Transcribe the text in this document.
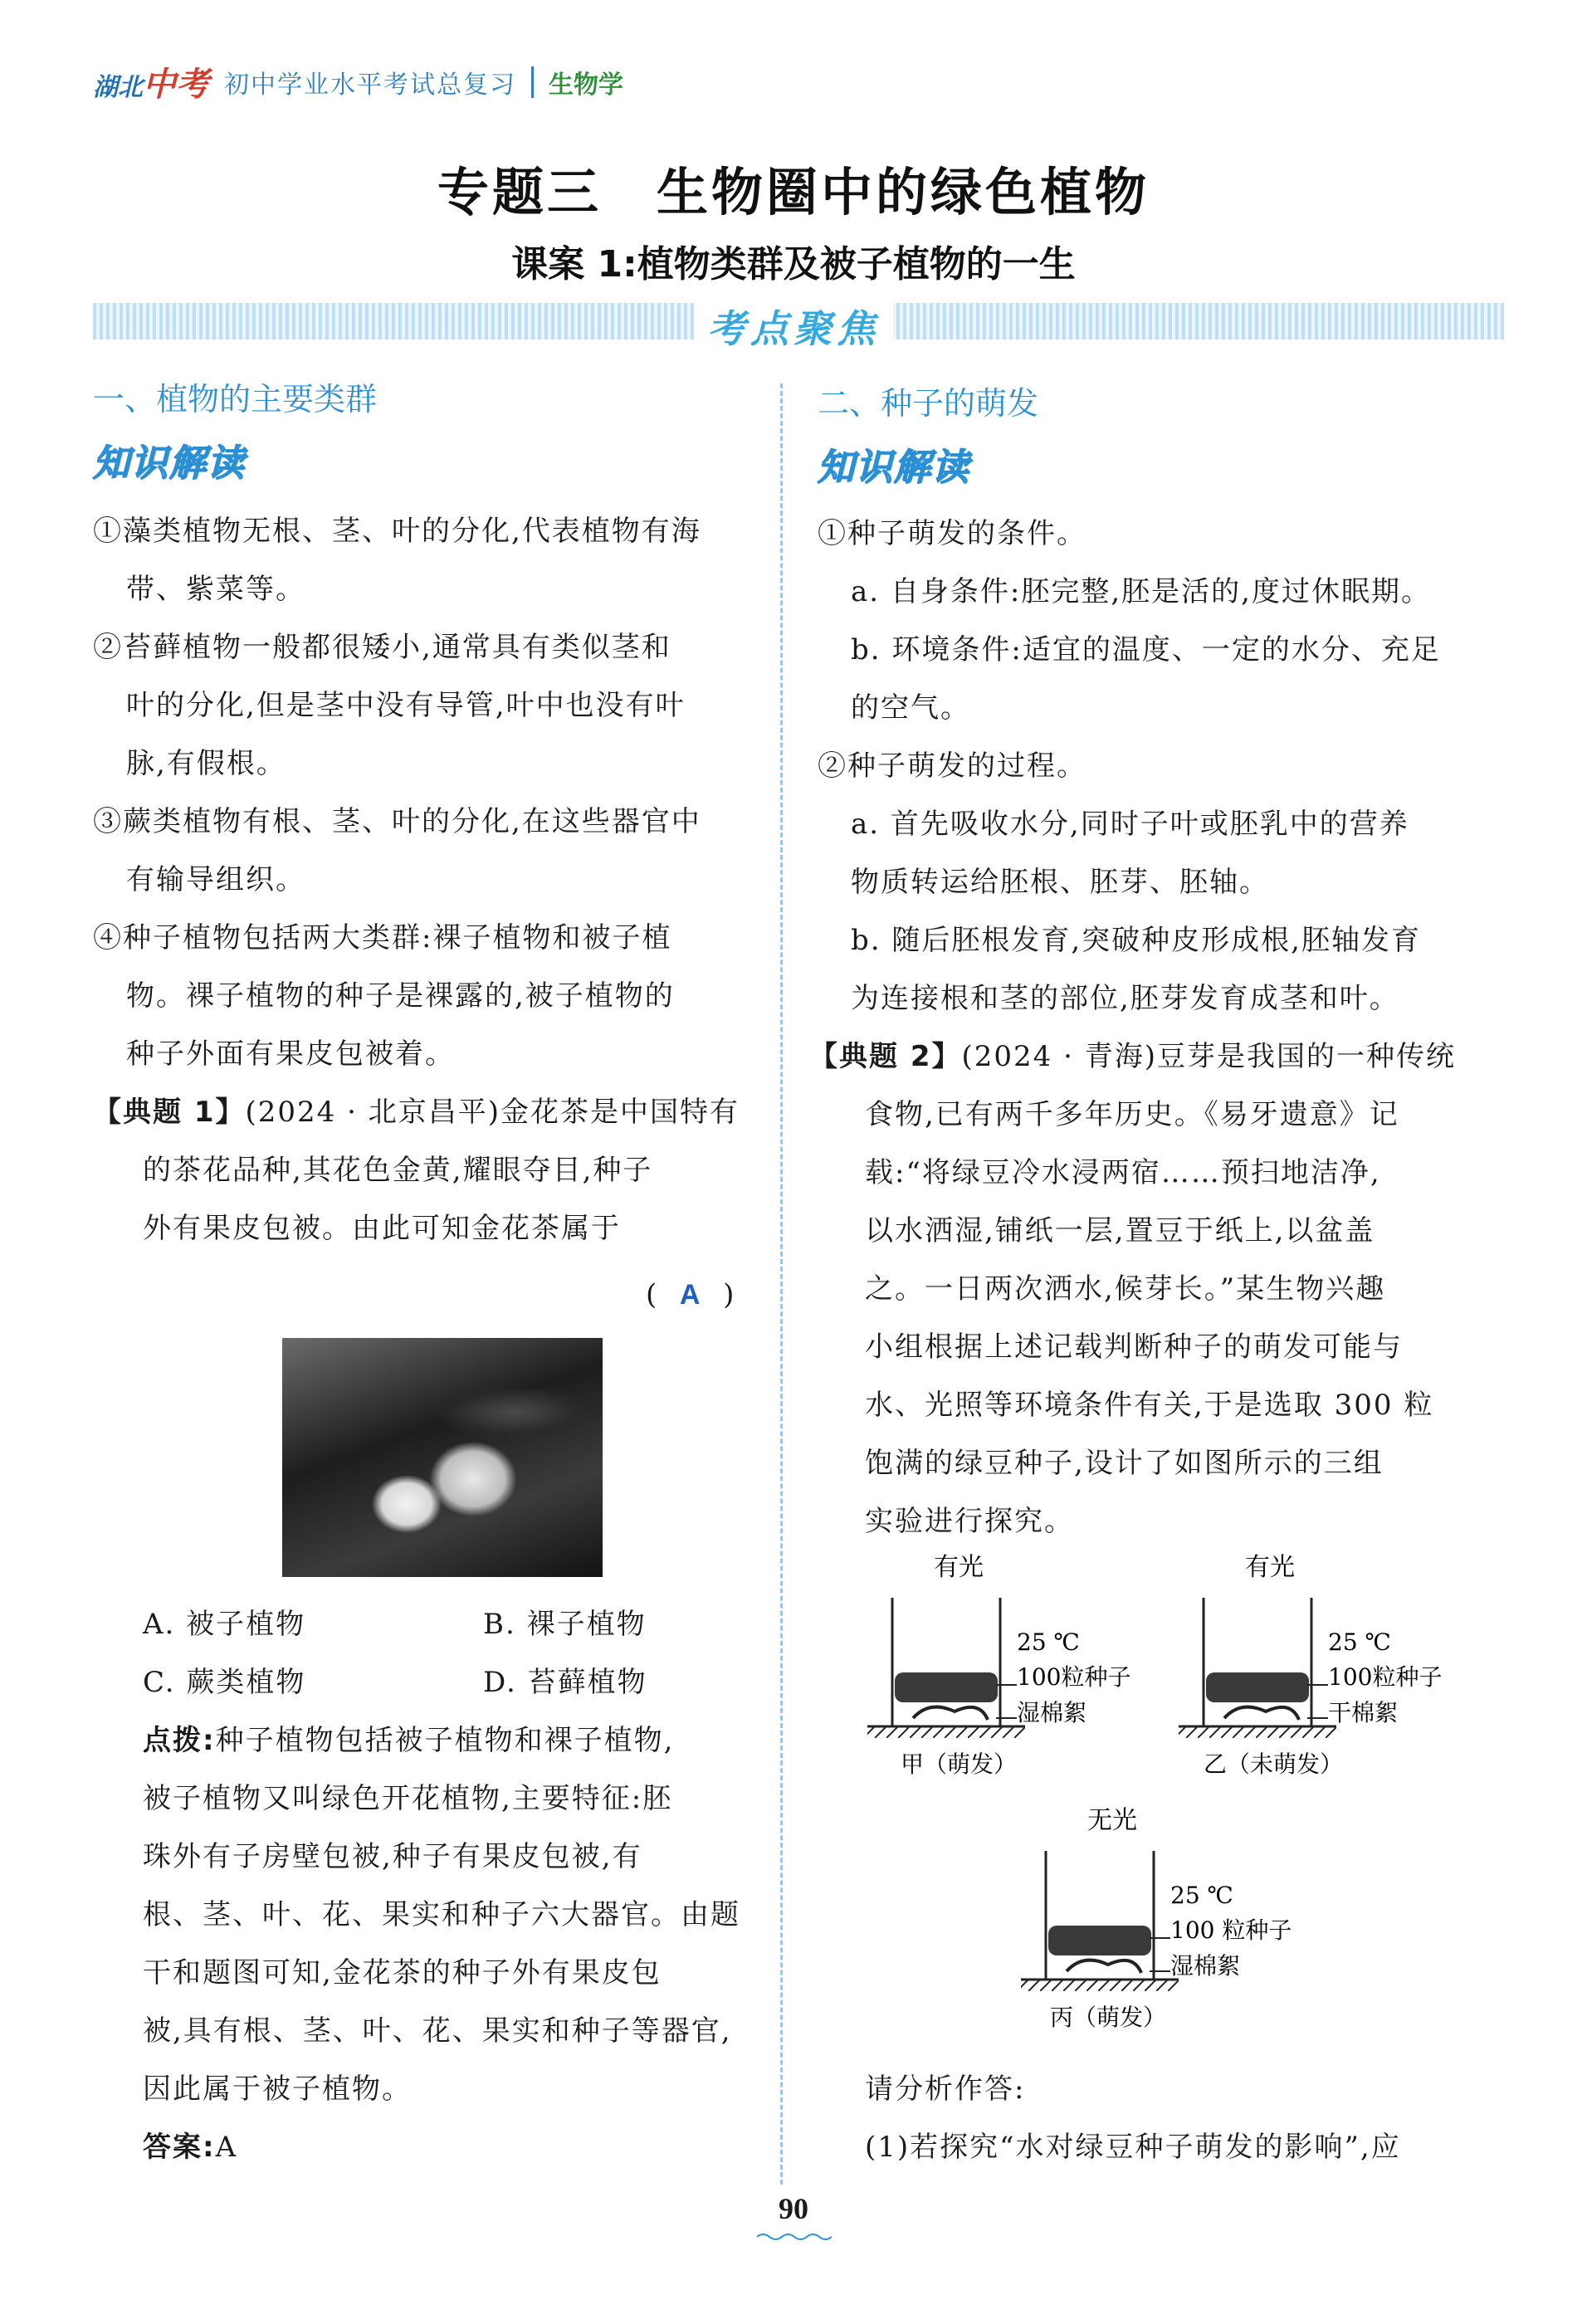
湖北中考 初中学业水平考试总复习 生物学
专题三　生物圈中的绿色植物
课案 1:植物类群及被子植物的一生
考点聚焦
一、植物的主要类群
知识解读
①藻类植物无根、茎、叶的分化,代表植物有海
带、紫菜等。
②苔藓植物一般都很矮小,通常具有类似茎和
叶的分化,但是茎中没有导管,叶中也没有叶
脉,有假根。
③蕨类植物有根、茎、叶的分化,在这些器官中
有输导组织。
④种子植物包括两大类群:裸子植物和被子植
物。裸子植物的种子是裸露的,被子植物的
种子外面有果皮包被着。
【典题 1】(2024 · 北京昌平)金花茶是中国特有
的茶花品种,其花色金黄,耀眼夺目,种子
外有果皮包被。由此可知金花茶属于
( A )
A. 被子植物	B. 裸子植物
C. 蕨类植物	D. 苔藓植物
点拨:种子植物包括被子植物和裸子植物,
被子植物又叫绿色开花植物,主要特征:胚
珠外有子房壁包被,种子有果皮包被,有
根、茎、叶、花、果实和种子六大器官。由题
干和题图可知,金花茶的种子外有果皮包
被,具有根、茎、叶、花、果实和种子等器官,
因此属于被子植物。
答案:A
二、种子的萌发
知识解读
①种子萌发的条件。
a. 自身条件:胚完整,胚是活的,度过休眠期。
b. 环境条件:适宜的温度、一定的水分、充足
的空气。
②种子萌发的过程。
a. 首先吸收水分,同时子叶或胚乳中的营养
物质转运给胚根、胚芽、胚轴。
b. 随后胚根发育,突破种皮形成根,胚轴发育
为连接根和茎的部位,胚芽发育成茎和叶。
【典题 2】(2024 · 青海)豆芽是我国的一种传统
食物,已有两千多年历史。《易牙遗意》记
载:“将绿豆冷水浸两宿……预扫地洁净,
以水洒湿,铺纸一层,置豆于纸上,以盆盖
之。一日两次洒水,候芽长。”某生物兴趣
小组根据上述记载判断种子的萌发可能与
水、光照等环境条件有关,于是选取 300 粒
饱满的绿豆种子,设计了如图所示的三组
实验进行探究。
有光
25 ℃
100粒种子
湿棉絮
甲（萌发）
有光
25 ℃
100粒种子
干棉絮
乙（未萌发）
无光
25 ℃
100 粒种子
湿棉絮
丙（萌发）
请分析作答:
(1)若探究“水对绿豆种子萌发的影响”,应
90
